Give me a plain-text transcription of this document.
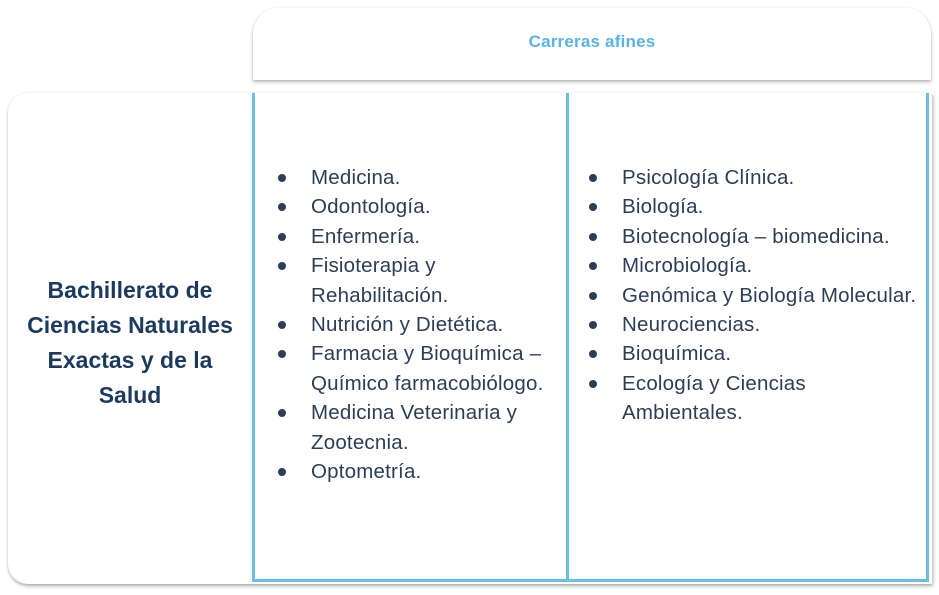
Carreras afines
Bachillerato de Ciencias Naturales Exactas y de la Salud
Medicina.
Odontología.
Enfermería.
Fisioterapia y Rehabilitación.
Nutrición y Dietética.
Farmacia y Bioquímica – Químico farmacobiólogo.
Medicina Veterinaria y Zootecnia.
Optometría.
Psicología Clínica.
Biología.
Biotecnología – biomedicina.
Microbiología.
Genómica y Biología Molecular.
Neurociencias.
Bioquímica.
Ecología y Ciencias Ambientales.
